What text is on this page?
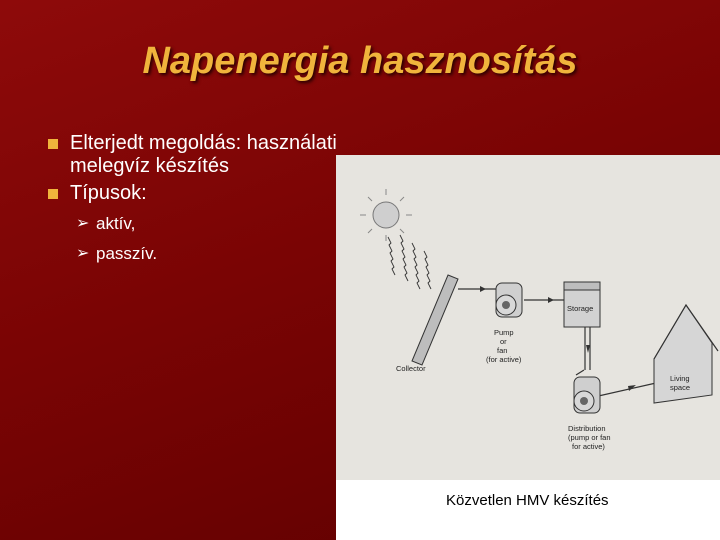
Napenergia hasznosítás
Elterjedt megoldás: használati melegvíz készítés
Típusok:
➢ aktív,
➢ passzív.
Collector
Pump
or
fan
(for active)
Storage
Distribution
(pump or fan
for active)
Living
space
Közvetlen HMV készítés
